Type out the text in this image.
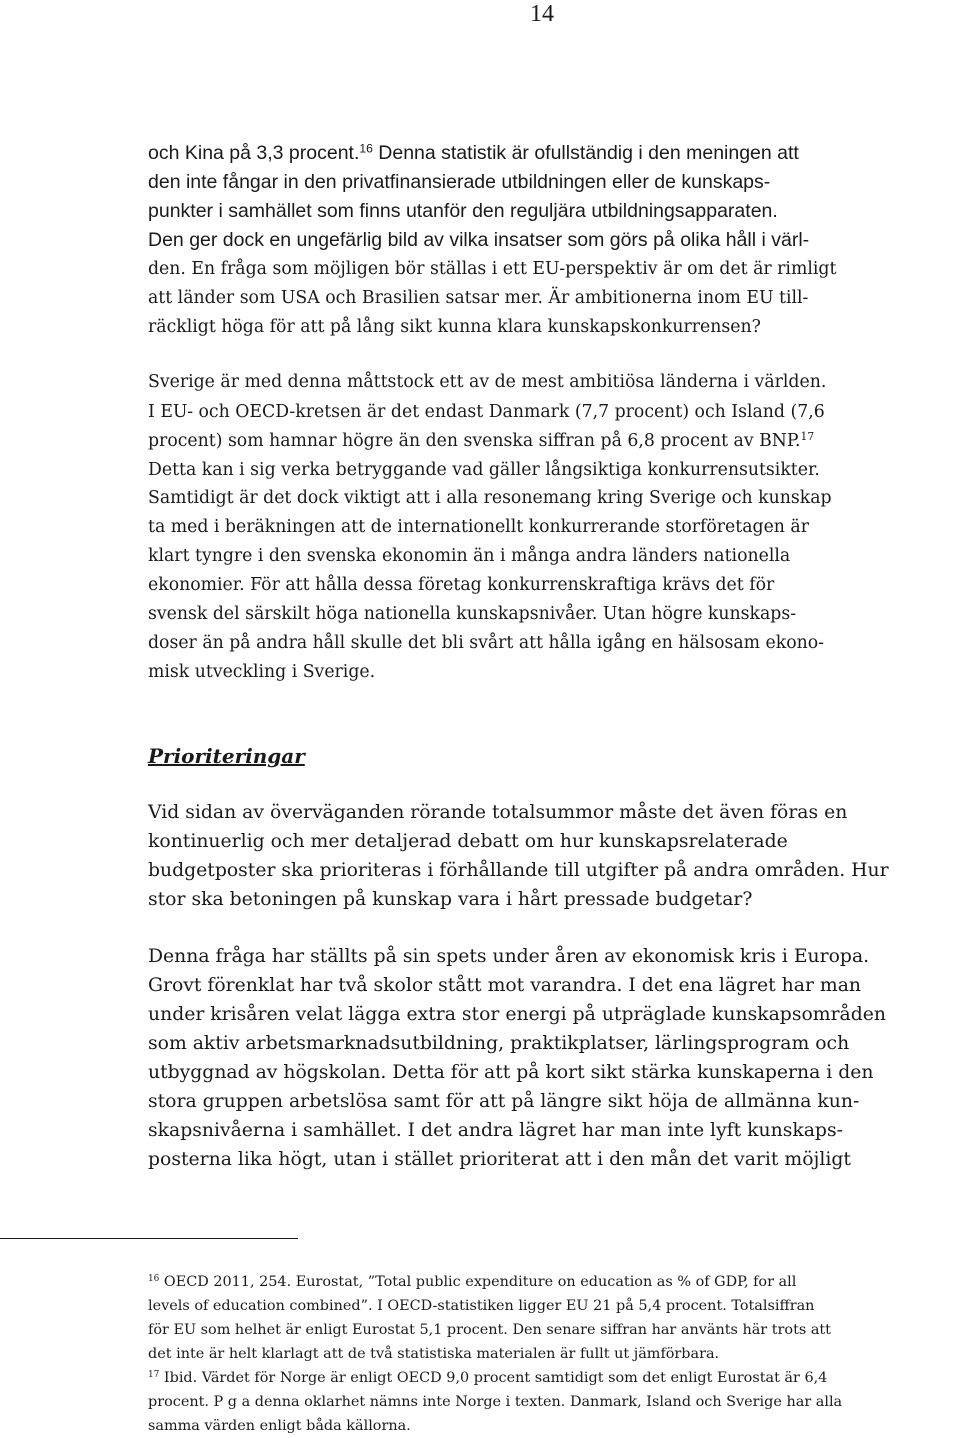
14
och Kina på 3,3 procent.$^{16}$ Denna statistik är ofullständig i den meningen att
den inte fångar in den privatfinansierade utbildningen eller de kunskaps-
punkter i samhället som finns utanför den reguljära utbildningsapparaten.
Den ger dock en ungefärlig bild av vilka insatser som görs på olika håll i värl-
den. En fråga som möjligen bör ställas i ett EU-perspektiv är om det är rimligt
att länder som USA och Brasilien satsar mer. Är ambitionerna inom EU till-
räckligt höga för att på lång sikt kunna klara kunskapskonkurrensen?
Sverige är med denna måttstock ett av de mest ambitiösa länderna i världen.
I EU- och OECD-kretsen är det endast Danmark (7,7 procent) och Island (7,6
procent) som hamnar högre än den svenska siffran på 6,8 procent av BNP.$^{17}$
Detta kan i sig verka betryggande vad gäller långsiktiga konkurrensutsikter.
Samtidigt är det dock viktigt att i alla resonemang kring Sverige och kunskap
ta med i beräkningen att de internationellt konkurrerande storföretagen är
klart tyngre i den svenska ekonomin än i många andra länders nationella
ekonomier. För att hålla dessa företag konkurrenskraftiga krävs det för
svensk del särskilt höga nationella kunskapsnivåer. Utan högre kunskaps-
doser än på andra håll skulle det bli svårt att hålla igång en hälsosam ekono-
misk utveckling i Sverige.
Prioriteringar
Vid sidan av överväganden rörande totalsummor måste det även föras en
kontinuerlig och mer detaljerad debatt om hur kunskapsrelaterade
budgetposter ska prioriteras i förhållande till utgifter på andra områden. Hur
stor ska betoningen på kunskap vara i hårt pressade budgetar?
Denna fråga har ställts på sin spets under åren av ekonomisk kris i Europa.
Grovt förenklat har två skolor stått mot varandra. I det ena lägret har man
under krisåren velat lägga extra stor energi på utpräglade kunskapsområden
som aktiv arbetsmarknadsutbildning, praktikplatser, lärlingsprogram och
utbyggnad av högskolan. Detta för att på kort sikt stärka kunskaperna i den
stora gruppen arbetslösa samt för att på längre sikt höja de allmänna kun-
skapsnivåerna i samhället. I det andra lägret har man inte lyft kunskaps-
posterna lika högt, utan i stället prioriterat att i den mån det varit möjligt
$^{16}$ OECD 2011, 254. Eurostat, ”Total public expenditure on education as % of GDP, for all
levels of education combined”. I OECD-statistiken ligger EU 21 på 5,4 procent. Totalsiffran
för EU som helhet är enligt Eurostat 5,1 procent. Den senare siffran har använts här trots att
det inte är helt klarlagt att de två statistiska materialen är fullt ut jämförbara.
$^{17}$ Ibid. Värdet för Norge är enligt OECD 9,0 procent samtidigt som det enligt Eurostat är 6,4
procent. P g a denna oklarhet nämns inte Norge i texten. Danmark, Island och Sverige har alla
samma värden enligt båda källorna.
